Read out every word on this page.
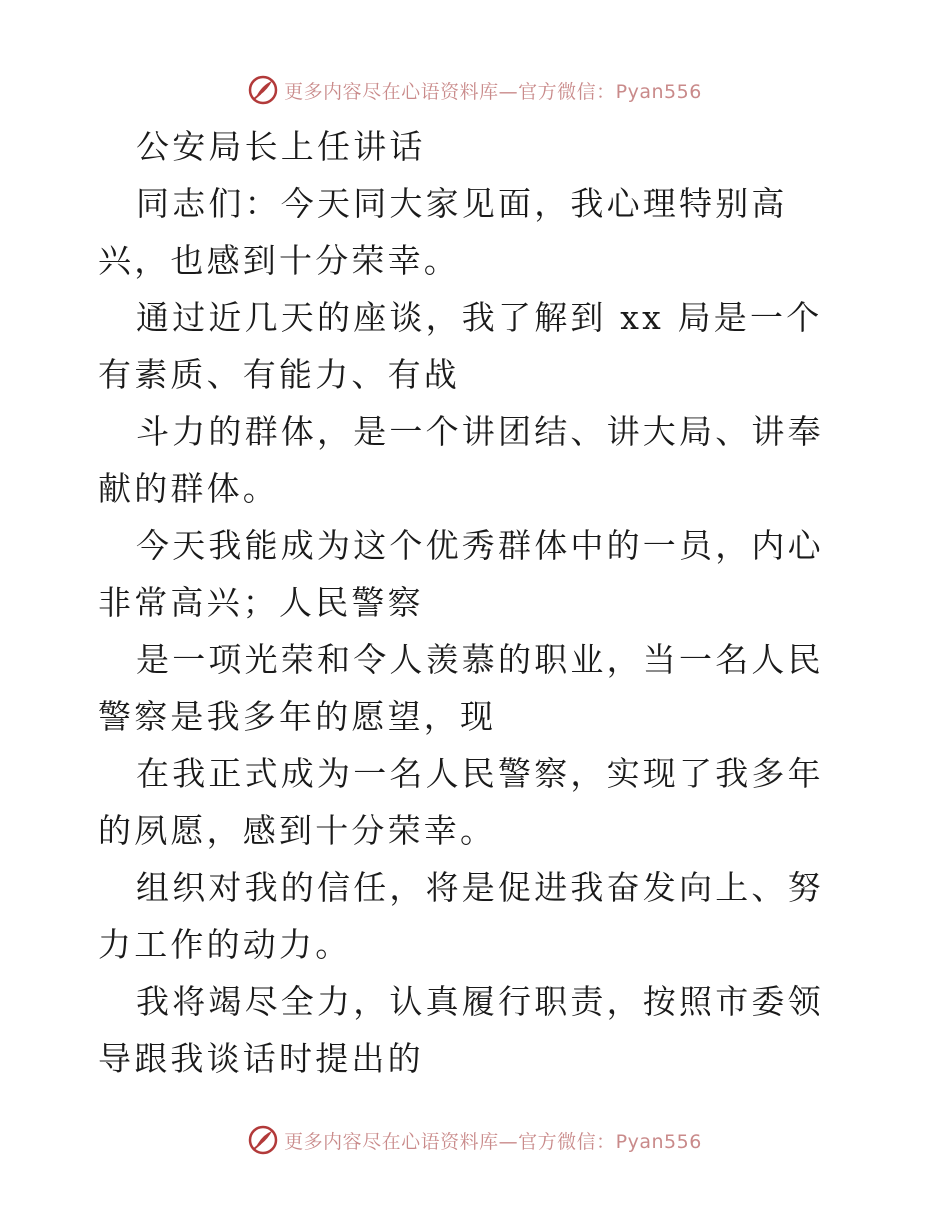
更多内容尽在心语资料库—官方微信：Pyan556

公安局长上任讲话

同志们：今天同大家见面，我心理特别高兴，也感到十分荣幸。

通过近几天的座谈，我了解到 xx 局是一个有素质、有能力、有战

斗力的群体，是一个讲团结、讲大局、讲奉献的群体。

今天我能成为这个优秀群体中的一员，内心非常高兴；人民警察

是一项光荣和令人羡慕的职业，当一名人民警察是我多年的愿望，现

在我正式成为一名人民警察，实现了我多年的夙愿，感到十分荣幸。

组织对我的信任，将是促进我奋发向上、努力工作的动力。

我将竭尽全力，认真履行职责，按照市委领导跟我谈话时提出的

更多内容尽在心语资料库—官方微信：Pyan556
